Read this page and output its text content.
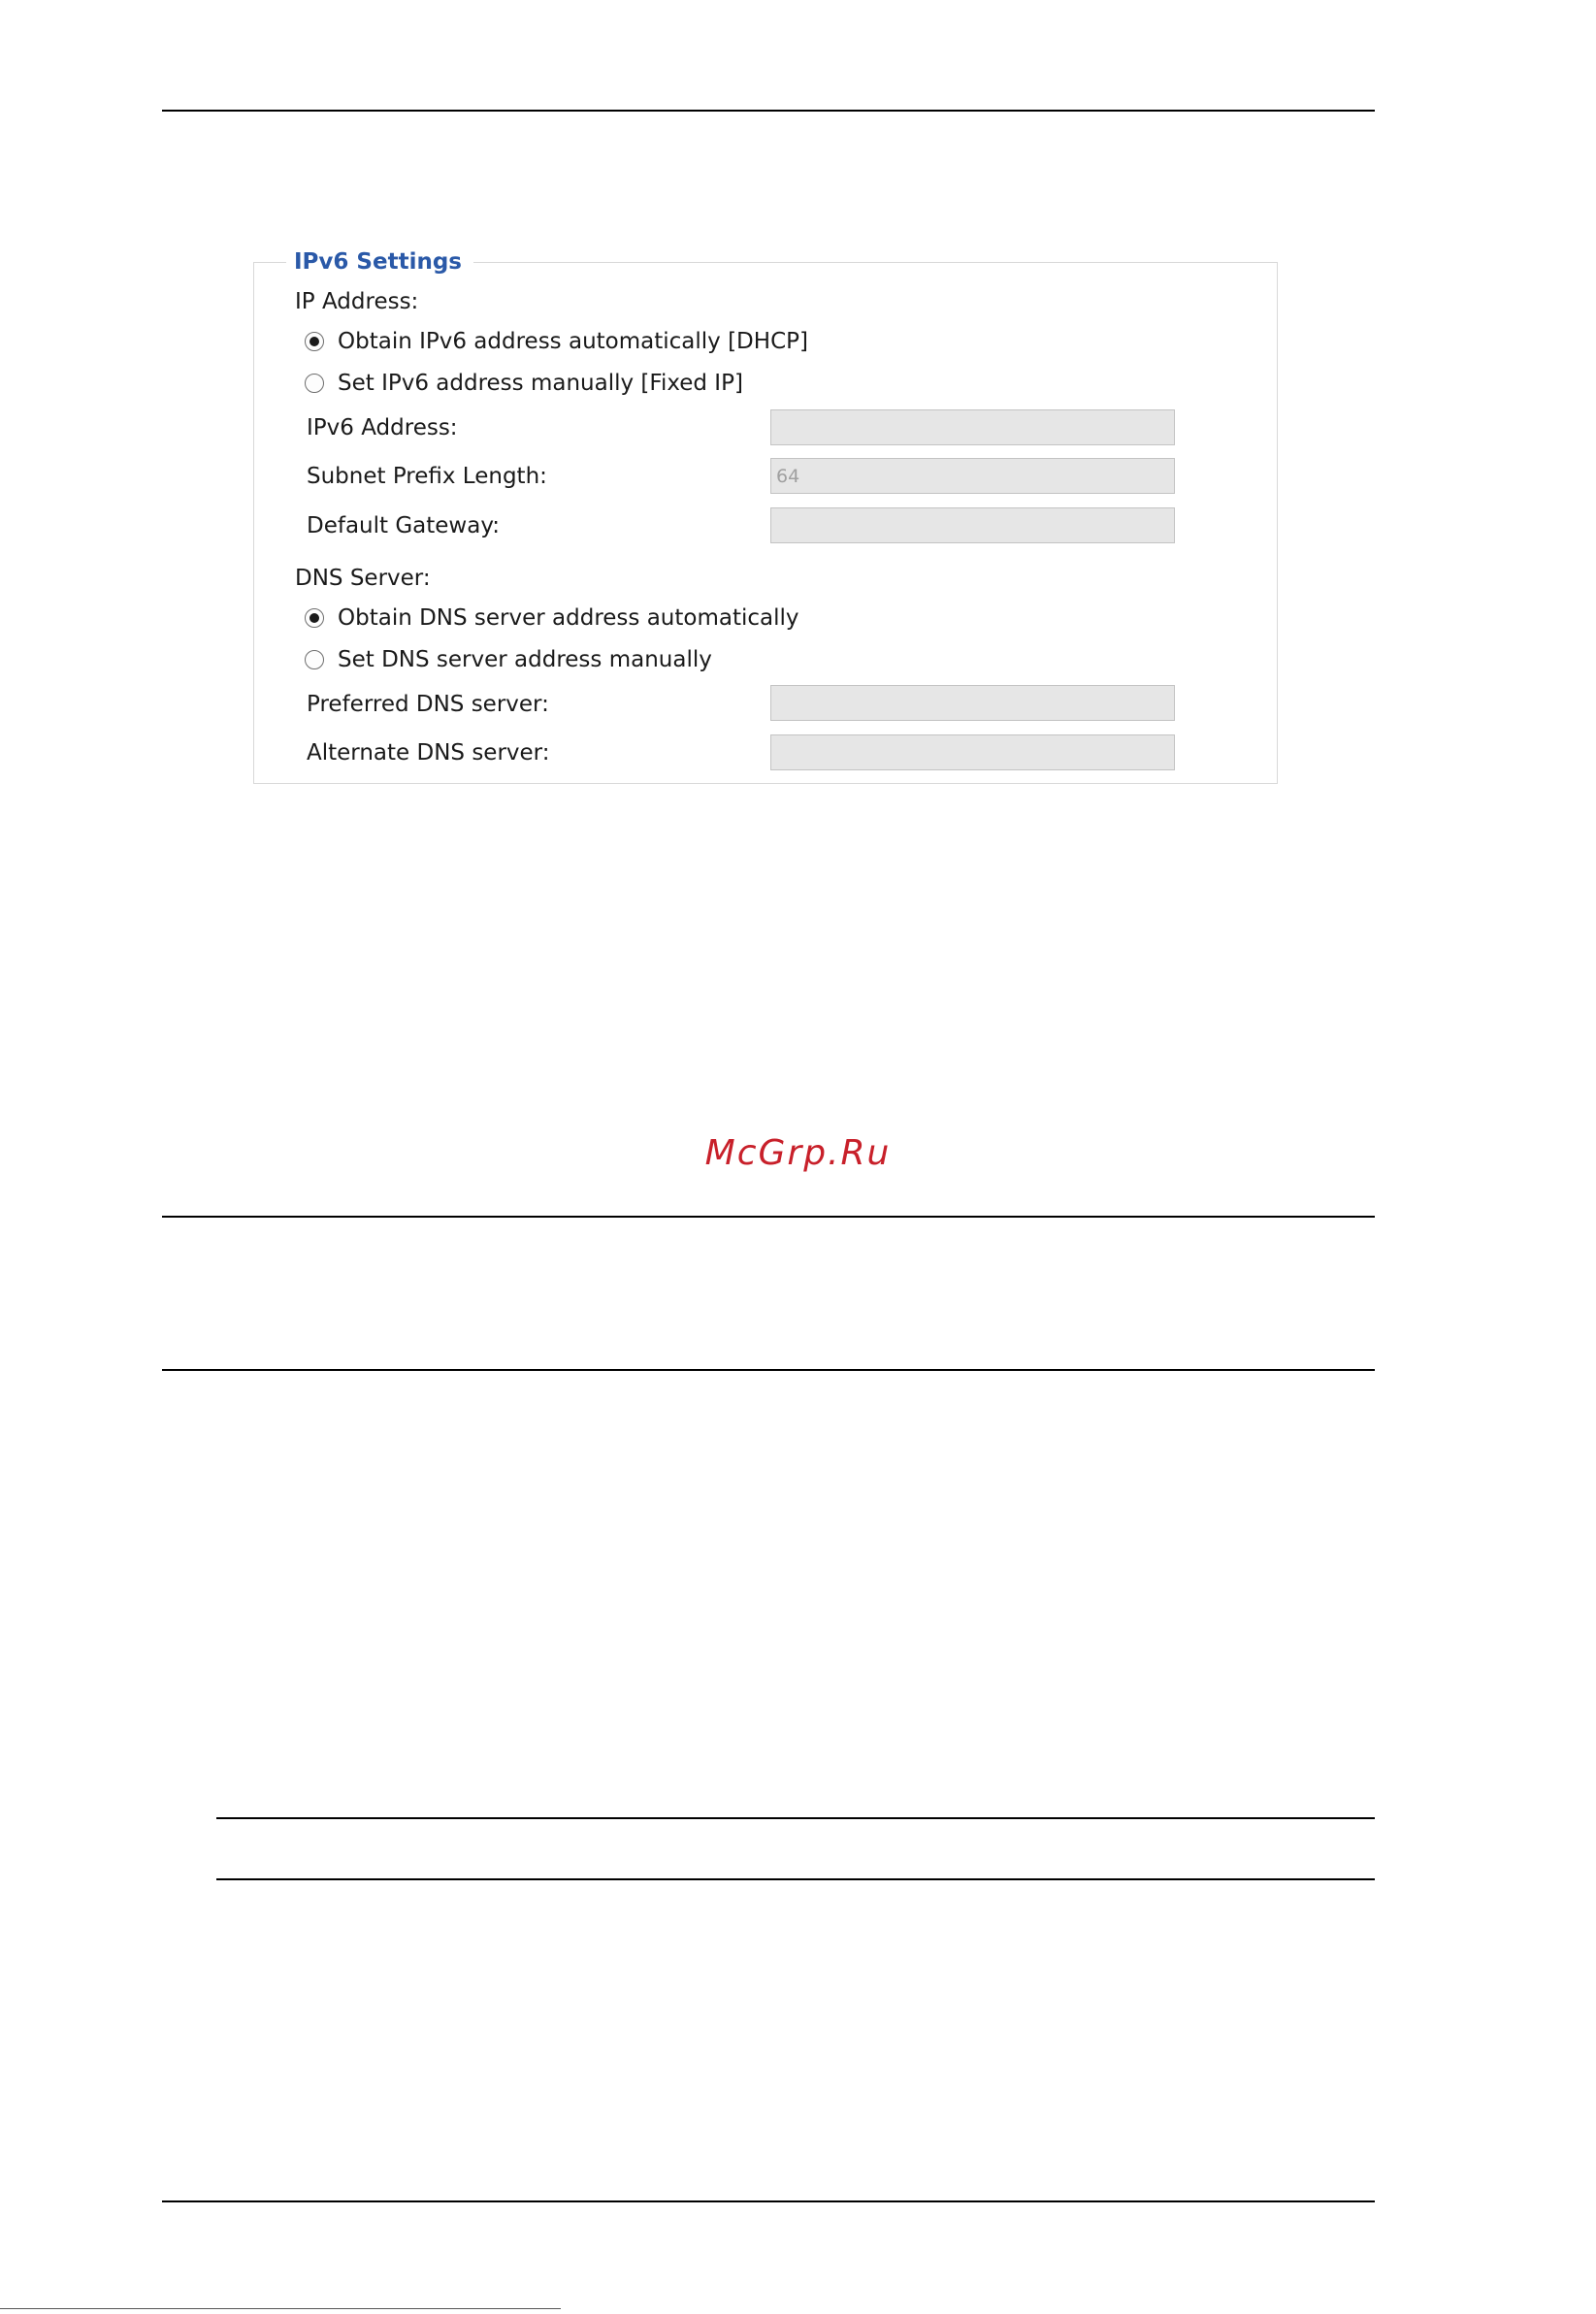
IPv6 Settings
IP Address:
Obtain IPv6 address automatically [DHCP]
Set IPv6 address manually [Fixed IP]
IPv6 Address:
Subnet Prefix Length:
64
Default Gateway:
DNS Server:
Obtain DNS server address automatically
Set DNS server address manually
Preferred DNS server:
Alternate DNS server:
McGrp.Ru
